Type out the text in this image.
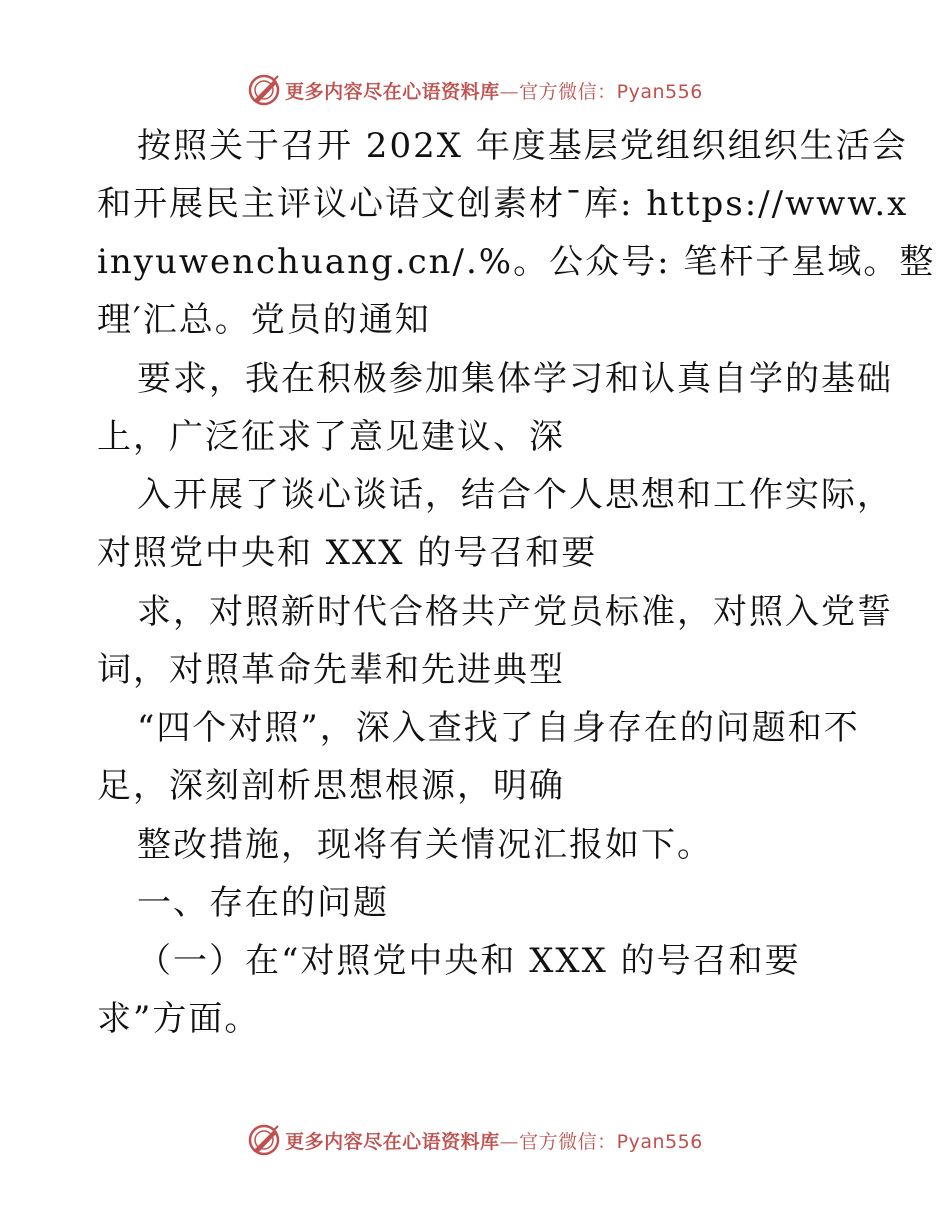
更多内容尽在心语资料库—官方微信：Pyan556
按照关于召开 202X 年度基层党组织组织生活会
和开展民主评议心语文创素材¯库: https://www.x
inyuwenchuang.cn/.%。公众号: 笔杆子星域。整
理′汇总。党员的通知
要求，我在积极参加集体学习和认真自学的基础
上，广泛征求了意见建议、深
入开展了谈心谈话，结合个人思想和工作实际，
对照党中央和 XXX 的号召和要
求，对照新时代合格共产党员标准，对照入党誓
词，对照革命先辈和先进典型
“四个对照”，深入查找了自身存在的问题和不
足，深刻剖析思想根源，明确
整改措施，现将有关情况汇报如下。
一、存在的问题
（一）在“对照党中央和 XXX 的号召和要
求”方面。
更多内容尽在心语资料库—官方微信：Pyan556
